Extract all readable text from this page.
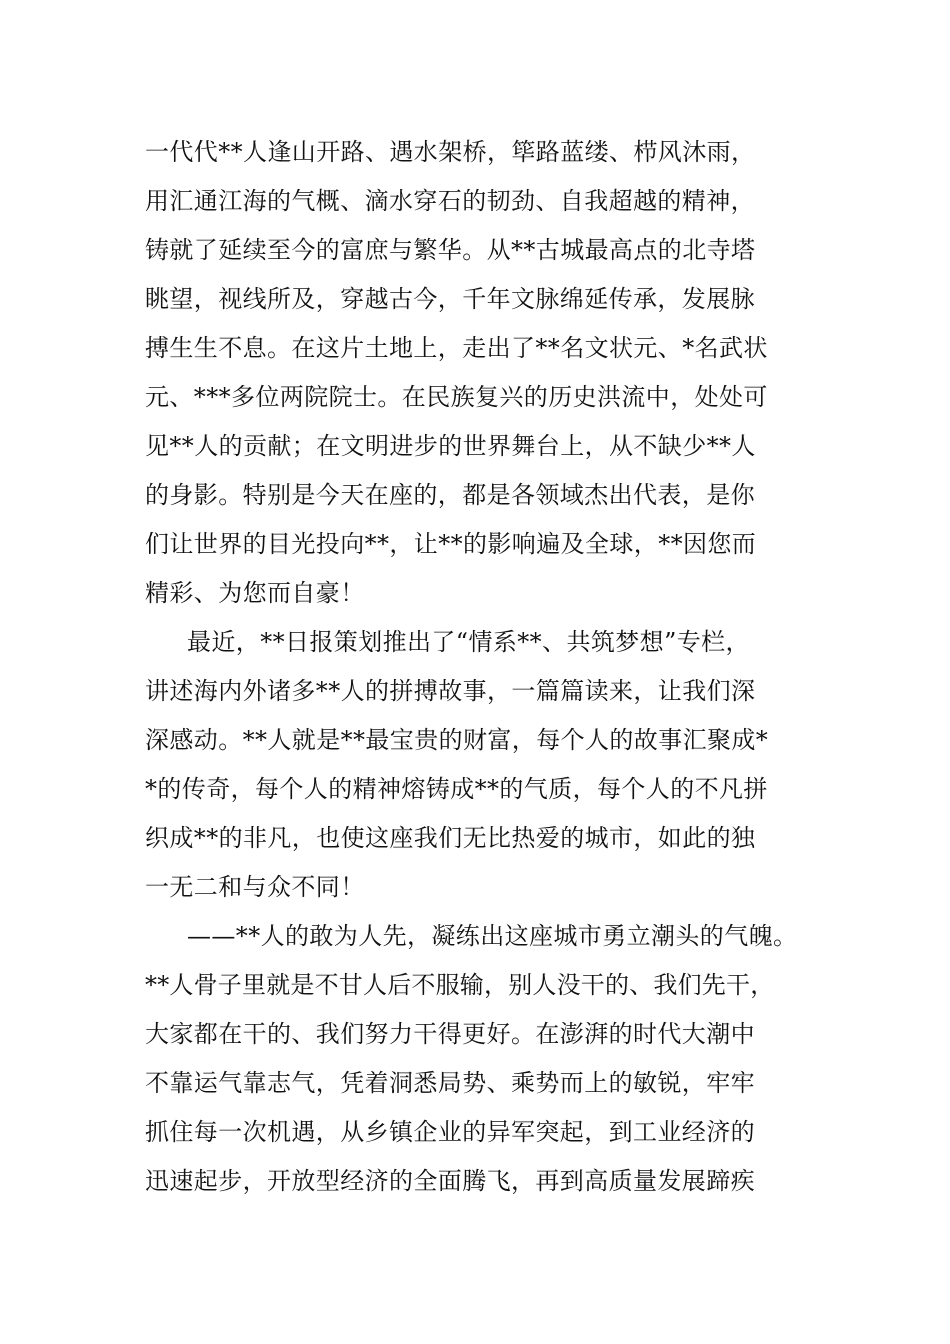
一代代**人逢山开路、遇水架桥，筚路蓝缕、栉风沐雨，

用汇通江海的气概、滴水穿石的韧劲、自我超越的精神，

铸就了延续至今的富庶与繁华。从**古城最高点的北寺塔

眺望，视线所及，穿越古今，千年文脉绵延传承，发展脉

搏生生不息。在这片土地上，走出了**名文状元、*名武状

元、***多位两院院士。在民族复兴的历史洪流中，处处可

见**人的贡献；在文明进步的世界舞台上，从不缺少**人

的身影。特别是今天在座的，都是各领域杰出代表，是你

们让世界的目光投向**，让**的影响遍及全球，**因您而

精彩、为您而自豪！

最近，**日报策划推出了“情系**、共筑梦想”专栏，

讲述海内外诸多**人的拼搏故事，一篇篇读来，让我们深

深感动。**人就是**最宝贵的财富，每个人的故事汇聚成*

*的传奇，每个人的精神熔铸成**的气质，每个人的不凡拼

织成**的非凡，也使这座我们无比热爱的城市，如此的独

一无二和与众不同！

——**人的敢为人先，凝练出这座城市勇立潮头的气魄。

**人骨子里就是不甘人后不服输，别人没干的、我们先干，

大家都在干的、我们努力干得更好。在澎湃的时代大潮中

不靠运气靠志气，凭着洞悉局势、乘势而上的敏锐，牢牢

抓住每一次机遇，从乡镇企业的异军突起，到工业经济的

迅速起步，开放型经济的全面腾飞，再到高质量发展蹄疾
